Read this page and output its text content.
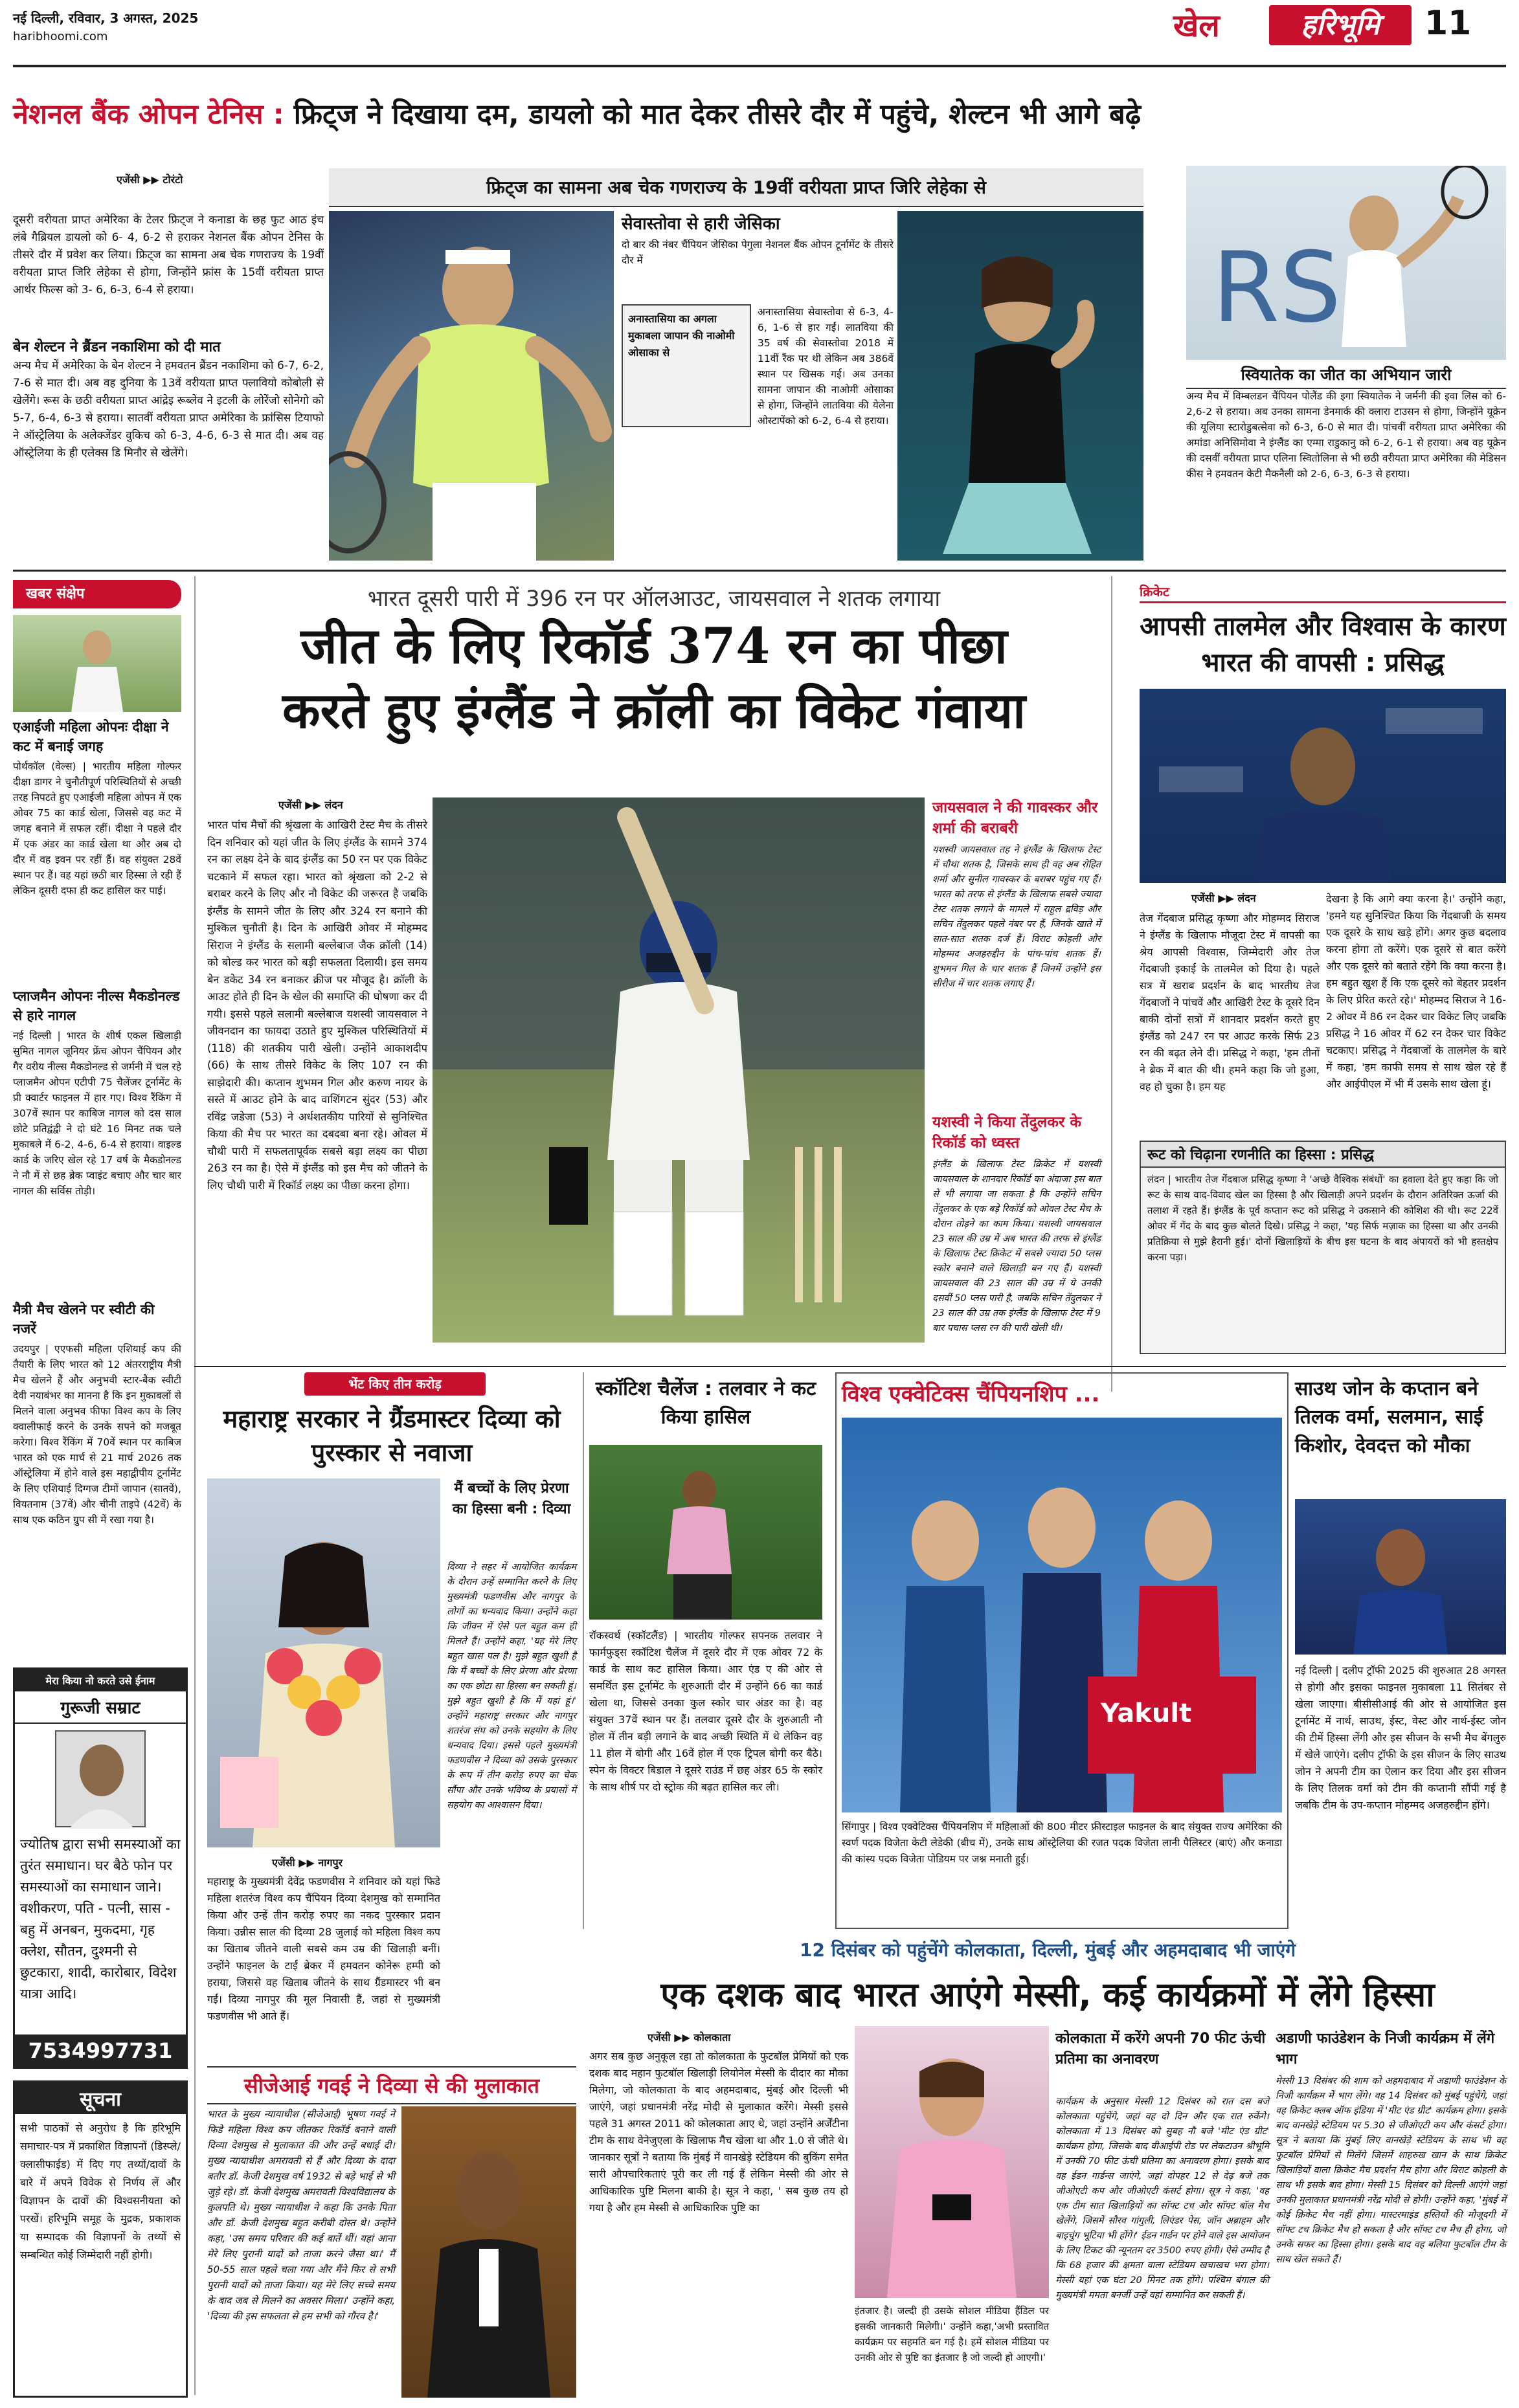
नई दिल्ली, रविवार, 3 अगस्त, 2025
haribhoomi.com	खेल	हरिभूमि	11
नेशनल बैंक ओपन टेनिस : फ्रिट्ज ने दिखाया दम, डायलो को मात देकर तीसरे दौर में पहुंचे, शेल्टन भी आगे बढ़े
एजेंसी ▶▶ टोरंटो

दूसरी वरीयता प्राप्त अमेरिका के टेलर फ्रिट्ज ने कनाडा के छह फुट आठ इंच लंबे गैब्रियल डायलो को 6- 4, 6-2 से हराकर नेशनल बैंक ओपन टेनिस के तीसरे दौर में प्रवेश कर लिया। फ्रिट्ज का सामना अब चेक गणराज्य के 19वीं वरीयता प्राप्त जिरि लेहेका से होगा, जिन्होंने फ्रांस के 15वीं वरीयता प्राप्त आर्थर फिल्स को 3- 6, 6-3, 6-4 से हराया।

बेन शेल्टन ने ब्रैंडन नकाशिमा को दी मात
अन्य मैच में अमेरिका के बेन शेल्टन ने हमवतन ब्रैंडन नकाशिमा को 6-7, 6-2, 7-6 से मात दी। अब वह दुनिया के 13वें वरीयता प्राप्त फ्लावियो कोबोली से खेलेंगे। रूस के छठी वरीयता प्राप्त आंद्रेइ रूब्लेव ने इटली के लोरेंजो सोनेगो को 5-7, 6-4, 6-3 से हराया। सातवीं वरीयता प्राप्त अमेरिका के फ्रांसिस टियाफो ने ऑस्ट्रेलिया के अलेक्जेंडर वुकिच को 6-3, 4-6, 6-3 से मात दी। अब वह ऑस्ट्रेलिया के ही एलेक्स डि मिनौर से खेलेंगे।
फ्रिट्ज का सामना अब चेक गणराज्य के 19वीं वरीयता प्राप्त जिरि लेहेका से
सेवास्तोवा से हारी जेसिका
दो बार की नंबर चैंपियन जेसिका पेगुला नेशनल बैंक ओपन टूर्नामेंट के तीसरे दौर में
अनास्तासिया का अगला मुकाबला जापान की नाओमी ओसाका से
अनास्तासिया सेवास्तोवा से 6-3, 4-6, 1-6 से हार गईं। लातविया की 35 वर्ष की सेवास्तोवा 2018 में 11वीं रैंक पर थी लेकिन अब 386वें स्थान पर खिसक गई। अब उनका सामना जापान की नाओमी ओसाका से होगा, जिन्होंने लातविया की येलेना ओस्टापेंको को 6-2, 6-4 से हराया।
RS
स्वियातेक का जीत का अभियान जारी
अन्य मैच में विम्बलडन चैंपियन पोलैंड की इगा स्वियातेक ने जर्मनी की इवा लिस को 6-2,6-2 से हराया। अब उनका सामना डेनमार्क की क्लारा टाउसन से होगा, जिन्होंने यूक्रेन की यूलिया स्टारोडुबत्सेवा को 6-3, 6-0 से मात दी। पांचवीं वरीयता प्राप्त अमेरिका की अमांडा अनिसिमोवा ने इंग्लैंड का एम्मा राडुकानु को 6-2, 6-1 से हराया। अब वह यूक्रेन की दसवीं वरीयता प्राप्त एलिना स्वितोलिना से भी छठी वरीयता प्राप्त अमेरिका की मेडिसन कीस ने हमवतन केटी मैकनैली को 2-6, 6-3, 6-3 से हराया।
खबर संक्षेप
एआईजी महिला ओपनः दीक्षा ने कट में बनाई जगह
पोर्थकॉल (वेल्स) | भारतीय महिला गोल्फर दीक्षा डागर ने चुनौतीपूर्ण परिस्थितियों से अच्छी तरह निपटते हुए एआईजी महिला ओपन में एक ओवर 75 का कार्ड खेला, जिससे वह कट में जगह बनाने में सफल रहीं। दीक्षा ने पहले दौर में एक अंडर का कार्ड खेला था और अब दो दौर में वह इवन पर रहीं हैं। वह संयुक्त 28वें स्थान पर हैं। वह यहां छठी बार हिस्सा ले रही हैं लेकिन दूसरी दफा ही कट हासिल कर पाई।
प्लाजमैन ओपनः नील्स मैकडोनल्ड से हारे नागल
नई दिल्ली | भारत के शीर्ष एकल खिलाड़ी सुमित नागल जूनियर फ्रेंच ओपन चैंपियन और गैर वरीय नील्स मैकडोनल्ड से जर्मनी में चल रहे प्लाजमैन ओपन एटीपी 75 चैलेंजर टूर्नामेंट के प्री क्वार्टर फाइनल में हार गए। विश्व रैंकिंग में 307वें स्थान पर काबिज नागल को दस साल छोटे प्रतिद्वंद्वी ने दो घंटे 16 मिनट तक चले मुकाबले में 6-2, 4-6, 6-4 से हराया। वाइल्ड कार्ड के जरिए खेल रहे 17 वर्ष के मैकडोनल्ड ने नौ में से छह ब्रेक प्वाइंट बचाए और चार बार नागल की सर्विस तोड़ी।
मैत्री मैच खेलने पर स्वीटी की नजरें
उदयपुर | एएफसी महिला एशियाई कप की तैयारी के लिए भारत को 12 अंतरराष्ट्रीय मैत्री मैच खेलने हैं और अनुभवी स्टार-बैक स्वीटी देवी नयाबंभर का मानना है कि इन मुकाबलों से मिलने वाला अनुभव फीफा विश्व कप के लिए क्वालीफाई करने के उनके सपने को मजबूत करेगा। विश्व रैंकिंग में 70वें स्थान पर काबिज भारत को एक मार्च से 21 मार्च 2026 तक ऑस्ट्रेलिया में होने वाले इस महाद्वीपीय टूर्नामेंट के लिए एशियाई दिग्गज टीमों जापान (सातवें), वियतनाम (37वें) और चीनी ताइपे (42वें) के साथ एक कठिन ग्रुप सी में रखा गया है।
मेरा किया नो करते उसे ईनाम
गुरूजी सम्राट
ज्योतिष द्वारा सभी समस्याओं का तुरंत समाधान। घर बैठे फोन पर समस्याओं का समाधान जाने। वशीकरण, पति - पत्नी, सास - बहु में अनबन, मुकदमा, गृह क्लेश, सौतन, दुश्मनी से छुटकारा, शादी, कारोबार, विदेश यात्रा आदि।
7534997731
सूचना
सभी पाठकों से अनुरोध है कि हरिभूमि समाचार-पत्र में प्रकाशित विज्ञापनों (डिस्प्ले/क्लासीफाईड) में दिए गए तथ्यों/दावों के बारे में अपने विवेक से निर्णय लें और विज्ञापन के दावों की विश्वसनीयता को परखें। हरिभूमि समूह के मुद्रक, प्रकाशक या सम्पादक की विज्ञापनों के तथ्यों से सम्बन्धित कोई जिम्मेदारी नहीं होगी।
भारत दूसरी पारी में 396 रन पर ऑलआउट, जायसवाल ने शतक लगाया
जीत के लिए रिकॉर्ड 374 रन का पीछा
करते हुए इंग्लैंड ने क्रॉली का विकेट गंवाया
एजेंसी ▶▶ लंदन
भारत पांच मैचों की श्रृंखला के आखिरी टेस्ट मैच के तीसरे दिन शनिवार को यहां जीत के लिए इंग्लैंड के सामने 374 रन का लक्ष्य देने के बाद इंग्लैंड का 50 रन पर एक विकेट चटकाने में सफल रहा। भारत को श्रृंखला को 2-2 से बराबर करने के लिए और नौ विकेट की जरूरत है जबकि इंग्लैंड के सामने जीत के लिए और 324 रन बनाने की मुश्किल चुनौती है। दिन के आखिरी ओवर में मोहम्मद सिराज ने इंग्लैंड के सलामी बल्लेबाज जैक क्रॉली (14) को बोल्ड कर भारत को बड़ी सफलता दिलायी। इस समय बेन डकेट 34 रन बनाकर क्रीज पर मौजूद है। क्रॉली के आउट होते ही दिन के खेल की समाप्ति की घोषणा कर दी गयी। इससे पहले सलामी बल्लेबाज यशस्वी जायसवाल ने जीवनदान का फायदा उठाते हुए मुश्किल परिस्थितियों में (118) की शतकीय पारी खेली। उन्होंने आकाशदीप (66) के साथ तीसरे विकेट के लिए 107 रन की साझेदारी की। कप्तान शुभमन गिल और करुण नायर के सस्ते में आउट होने के बाद वाशिंगटन सुंदर (53) और रविंद्र जडेजा (53) ने अर्धशतकीय पारियों से सुनिश्चित किया की मैच पर भारत का दबदबा बना रहे। ओवल में चौथी पारी में सफलतापूर्वक सबसे बड़ा लक्ष्य का पीछा 263 रन का है। ऐसे में इंग्लैंड को इस मैच को जीतने के लिए चौथी पारी में रिकॉर्ड लक्ष्य का पीछा करना होगा।
जायसवाल ने की गावस्कर और शर्मा की बराबरी
यशस्वी जायसवाल तह ने इंग्लैंड के खिलाफ टेस्ट में चौथा शतक है, जिसके साथ ही वह अब रोहित शर्मा और सुनील गावस्कर के बराबर पहुंच गए हैं। भारत को तरफ से इंग्लैंड के खिलाफ सबसे ज्यादा टेस्ट शतक लगाने के मामले में राहुल द्रविड़ और सचिन तेंदुलकर पहले नंबर पर हैं, जिनके खाते में सात-सात शतक दर्ज हैं। विराट कोहली और मोहम्मद अजहरुद्दीन के पांच-पांच शतक हैं। शुभमन गिल के चार शतक हैं जिनमें उन्होंने इस सीरीज में चार शतक लगाए हैं।
यशस्वी ने किया तेंदुलकर के रिकॉर्ड को ध्वस्त
इंग्लैंड के खिलाफ टेस्ट क्रिकेट में यशस्वी जायसवाल के शानदार रिकॉर्ड का अंदाजा इस बात से भी लगाया जा सकता है कि उन्होंने सचिन तेंदुलकर के एक बड़े रिकॉर्ड को ओवल टेस्ट मैच के दौरान तोड़ने का काम किया। यशस्वी जायसवाल 23 साल की उम्र में अब भारत की तरफ से इंग्लैंड के खिलाफ टेस्ट क्रिकेट में सबसे ज्यादा 50 प्लस स्कोर बनाने वाले खिलाड़ी बन गए हैं। यशस्वी जायसवाल की 23 साल की उम्र में ये उनकी दसवीं 50 प्लस पारी है, जबकि सचिन तेंदुलकर ने 23 साल की उम्र तक इंग्लैंड के खिलाफ टेस्ट में 9 बार पचास प्लस रन की पारी खेली थी।
क्रिकेट
आपसी तालमेल और विश्वास के कारण भारत की वापसी : प्रसिद्ध
एजेंसी ▶▶ लंदन
तेज गेंदबाज प्रसिद्ध कृष्णा और मोहम्मद सिराज ने इंग्लैंड के खिलाफ मौजूदा टेस्ट में वापसी का श्रेय आपसी विश्वास, जिम्मेदारी और तेज गेंदबाजी इकाई के तालमेल को दिया है। पहले सत्र में खराब प्रदर्शन के बाद भारतीय तेज गेंदबाजों ने पांचवें और आखिरी टेस्ट के दूसरे दिन बाकी दोनों सत्रों में शानदार प्रदर्शन करते हुए इंग्लैंड को 247 रन पर आउट करके सिर्फ 23 रन की बढ़त लेने दी। प्रसिद्ध ने कहा, 'हम तीनों ने ब्रेक में बात की थी। हमने कहा कि जो हुआ, वह हो चुका है। हम यह
देखना है कि आगे क्या करना है।' उन्होंने कहा, 'हमने यह सुनिश्चित किया कि गेंदबाजी के समय एक दूसरे के साथ खड़े होंगे। अगर कुछ बदलाव करना होगा तो करेंगे। एक दूसरे से बात करेंगे और एक दूसरे को बताते रहेंगे कि क्या करना है। हम बहुत खुश हैं कि एक दूसरे को बेहतर प्रदर्शन के लिए प्रेरित करते रहे।' मोहम्मद सिराज ने 16-2 ओवर में 86 रन देकर चार विकेट लिए जबकि प्रसिद्ध ने 16 ओवर में 62 रन देकर चार विकेट चटकाए। प्रसिद्ध ने गेंदबाजों के तालमेल के बारे में कहा, 'हम काफी समय से साथ खेल रहे हैं और आईपीएल में भी मैं उसके साथ खेला हूं।
रूट को चिढ़ाना रणनीति का हिस्सा : प्रसिद्ध
लंदन | भारतीय तेज गेंदबाज प्रसिद्ध कृष्णा ने 'अच्छे वैश्विक संबंधों' का हवाला देते हुए कहा कि जो रूट के साथ वाद-विवाद खेल का हिस्सा है और खिलाड़ी अपने प्रदर्शन के दौरान अतिरिक्त ऊर्जा की तलाश में रहते हैं। इंग्लैंड के पूर्व कप्तान रूट को प्रसिद्ध ने उकसाने की कोशिश की थी। रूट 22वें ओवर में गेंद के बाद कुछ बोलते दिखे। प्रसिद्ध ने कहा, 'यह सिर्फ मज़ाक का हिस्सा था और उनकी प्रतिक्रिया से मुझे हैरानी हुई।' दोनों खिलाड़ियों के बीच इस घटना के बाद अंपायरों को भी हस्तक्षेप करना पड़ा।
भेंट किए तीन करोड़
महाराष्ट्र सरकार ने ग्रैंडमास्टर दिव्या को पुरस्कार से नवाजा
मैं बच्चों के लिए प्रेरणा का हिस्सा बनी : दिव्या
दिव्या ने सहर में आयोजित कार्यक्रम के दौरान उन्हें सम्मानित करने के लिए मुख्यमंत्री फडणवीस और नागपुर के लोगों का धन्यवाद किया। उन्होंने कहा कि जीवन में ऐसे पल बहुत कम ही मिलते हैं। उन्होंने कहा, 'यह मेरे लिए बहुत खास पल है। मुझे बहुत खुशी है कि मैं बच्चों के लिए प्रेरणा और प्रेरणा का एक छोटा सा हिस्सा बन सकती हूं। मुझे बहुत खुशी है कि मैं यहां हूं।' उन्होंने महाराष्ट्र सरकार और नागपुर शतरंज संघ को उनके सहयोग के लिए धन्यवाद दिया। इससे पहले मुख्यमंत्री फडणवीस ने दिव्या को उसके पुरस्कार के रूप में तीन करोड़ रुपए का चेक सौंपा और उनके भविष्य के प्रयासों में सहयोग का आश्वासन दिया।
एजेंसी ▶▶ नागपुर
महाराष्ट्र के मुख्यमंत्री देवेंद्र फडणवीस ने शनिवार को यहां फिडे महिला शतरंज विश्व कप चैंपियन दिव्या देशमुख को सम्मानित किया और उन्हें तीन करोड़ रुपए का नकद पुरस्कार प्रदान किया। उन्नीस साल की दिव्या 28 जुलाई को महिला विश्व कप का खिताब जीतने वाली सबसे कम उम्र की खिलाड़ी बनीं। उन्होंने फाइनल के टाई ब्रेकर में हमवतन कोनेरू हम्पी को हराया, जिससे वह खिताब जीतने के साथ ग्रैंडमास्टर भी बन गईं। दिव्या नागपुर की मूल निवासी हैं, जहां से मुख्यमंत्री फडणवीस भी आते हैं।
सीजेआई गवई ने दिव्या से की मुलाकात
भारत के मुख्य न्यायाधीश (सीजेआई) भूषण गवई ने फिडे महिला विश्व कप जीतकर रिकॉर्ड बनाने वाली दिव्या देशमुख से मुलाकात की और उन्हें बधाई दी। मुख्य न्यायाधीश अमरावती से हैं और दिव्या के दादा बतौर डॉ. केजी देशमुख वर्ष 1932 से बड़े भाई से भी जुड़े रहे। डॉ. केजी देशमुख अमरावती विश्वविद्यालय के कुलपति थे। मुख्य न्यायाधीश ने कहा कि उनके पिता और डॉ. केजी देशमुख बहुत करीबी दोस्त थे। उन्होंने कहा, 'उस समय परिवार की कई बातें थीं। यहां आना मेरे लिए पुरानी यादों को ताजा करने जैसा था।' मैं 50-55 साल पहले चला गया और मैंने फिर से सभी पुरानी यादों को ताजा किया। यह मेरे लिए सच्चे समय के बाद जब से मिलने का अवसर मिला।' उन्होंने कहा, 'दिव्या की इस सफलता से हम सभी को गौरव है।'
स्कॉटिश चैलेंज : तलवार ने कट किया हासिल
रॉकस्वर्थ (स्कॉटलैंड) | भारतीय गोल्फर सपनक तलवार ने फार्मफुड्स स्कॉटिश चैलेंज में दूसरे दौर में एक ओवर 72 के कार्ड के साथ कट हासिल किया। आर एंड ए की ओर से समर्थित इस टूर्नामेंट के शुरुआती दौर में उन्होंने 66 का कार्ड खेला था, जिससे उनका कुल स्कोर चार अंडर का है। वह संयुक्त 37वें स्थान पर हैं। तलवार दूसरे दौर के शुरुआती नौ होल में तीन बड़ी लगाने के बाद अच्छी स्थिति में थे लेकिन वह 11 होल में बोगी और 16वें होल में एक ट्रिपल बोगी कर बैठे। स्पेन के विक्टर बिडाल ने दूसरे राउंड में छह अंडर 65 के स्कोर के साथ शीर्ष पर दो स्ट्रोक की बढ़त हासिल कर ली।
विश्व एक्वेटिक्स चैंपियनशिप ...
Yakult
सिंगापुर | विश्व एक्वेटिक्स चैंपियनशिप में महिलाओं की 800 मीटर फ्रीस्टाइल फाइनल के बाद संयुक्त राज्य अमेरिका की स्वर्ण पदक विजेता केटी लेडेकी (बीच में), उनके साथ ऑस्ट्रेलिया की रजत पदक विजेता लानी पैलिस्टर (बाएं) और कनाडा की कांस्य पदक विजेता पोडियम पर जश्न मनाती हुईं।
साउथ जोन के कप्तान बने तिलक वर्मा, सलमान, साई किशोर, देवदत्त को मौका
नई दिल्ली | दलीप ट्रॉफी 2025 की शुरुआत 28 अगस्त से होगी और इसका फाइनल मुकाबला 11 सितंबर से खेला जाएगा। बीसीसीआई की ओर से आयोजित इस टूर्नामेंट में नार्थ, साउथ, ईस्ट, वेस्ट और नार्थ-ईस्ट जोन की टीमें हिस्सा लेंगी और इस सीजन के सभी मैच बेंगलुरु में खेले जाएंगे। दलीप ट्रॉफी के इस सीजन के लिए साउथ जोन ने अपनी टीम का ऐलान कर दिया और इस सीजन के लिए तिलक वर्मा को टीम की कप्तानी सौंपी गई है जबकि टीम के उप-कप्तान मोहम्मद अजहरुद्दीन होंगे।
12 दिसंबर को पहुंचेंगे कोलकाता, दिल्ली, मुंबई और अहमदाबाद भी जाएंगे
एक दशक बाद भारत आएंगे मेस्सी, कई कार्यक्रमों में लेंगे हिस्सा
एजेंसी ▶▶ कोलकाता
अगर सब कुछ अनुकूल रहा तो कोलकाता के फुटबॉल प्रेमियों को एक दशक बाद महान फुटबॉल खिलाड़ी लियोनेल मेस्सी के दीदार का मौका मिलेगा, जो कोलकाता के बाद अहमदाबाद, मुंबई और दिल्ली भी जाएंगे, जहां प्रधानमंत्री नरेंद्र मोदी से मुलाकात करेंगे। मेस्सी इससे पहले 31 अगस्त 2011 को कोलकाता आए थे, जहां उन्होंने अर्जेंटीना टीम के साथ वेनेजुएला के खिलाफ मैच खेला था और 1.0 से जीते थे। जानकार सूत्रों ने बताया कि मुंबई में वानखेड़े स्टेडियम की बुकिंग समेत सारी औपचारिकताएं पूरी कर ली गई हैं लेकिन मेस्सी की ओर से आधिकारिक पुष्टि मिलना बाकी है। सूत्र ने कहा, ' सब कुछ तय हो गया है और हम मेस्सी से आधिकारिक पुष्टि का
इंतजार है। जल्दी ही उसके सोशल मीडिया हैंडिल पर इसकी जानकारी मिलेगी।' उन्होंने कहा,'अभी प्रस्तावित कार्यक्रम पर सहमति बन गई है। हमें सोशल मीडिया पर उनकी ओर से पुष्टि का इंतजार है जो जल्दी हो आएगी।'
कोलकाता में करेंगे अपनी 70 फीट ऊंची प्रतिमा का अनावरण
कार्यक्रम के अनुसार मेस्सी 12 दिसंबर को रात दस बजे कोलकाता पहुंचेंगे, जहां वह दो दिन और एक रात रुकेंगे। कोलकाता में 13 दिसंबर को सुबह नौ बजे 'मीट एंड ग्रीट' कार्यक्रम होगा, जिसके बाद वीआईपी रोड पर लेकटाउन श्रीभूमि में उनकी 70 फीट ऊंची प्रतिमा का अनावरण होगा। इसके बाद वह ईडन गार्डन्स जाएंगे, जहां दोपहर 12 से देढ़ बजे तक जीओएटी कप और जीओएटी कंसर्ट होगा। सूत्र ने कहा, 'वह एक टीम सात खिलाड़ियों का सॉफ्ट टच और सॉफ्ट बॉल मैच खेलेंगे, जिसमें सौरव गांगुली, लिएंडर पेस, जॉन अब्राहम और बाइचुंग भूटिया भी होंगे।' ईडन गार्डन पर होने वाले इस आयोजन के लिए टिकट की न्यूनतम दर 3500 रुपए होगी। ऐसे उम्मीद है कि 68 हजार की क्षमता वाला स्टेडियम खचाखच भरा होगा। मेस्सी यहां एक घंटा 20 मिनट तक होंगे। पश्चिम बंगाल की मुख्यमंत्री ममता बनर्जी उन्हें वहां सम्मानित कर सकती हैं।
अडाणी फाउंडेशन के निजी कार्यक्रम में लेंगे भाग
मेस्सी 13 दिसंबर की शाम को अहमदाबाद में अडाणी फाउंडेशन के निजी कार्यक्रम में भाग लेंगे। वह 14 दिसंबर को मुंबई पहुंचेंगे, जहां वह क्रिकेट क्लब ऑफ इंडिया में 'मीट एंड ग्रीट' कार्यक्रम होगा। इसके बाद वानखेड़े स्टेडियम पर 5.30 से जीओएटी कप और कंसर्ट होगा। सूत्र ने बताया कि मुंबई लिए वानखेड़े स्टेडियम के साथ भी वह फुटबॉल प्रेमियों से मिलेंगे जिसमें शाहरुख खान के साथ क्रिकेट खिलाड़ियों वाला क्रिकेट मैच प्रदर्शन मैच होगा और विराट कोहली के साथ भी इसके बाद होगा। मेस्सी 15 दिसंबर को दिल्ली आएंगे जहां उनकी मुलाकात प्रधानमंत्री नरेंद्र मोदी से होगी। उन्होंने कहा, 'मुंबई में कोई क्रिकेट मैच नहीं होगा। मास्टरमाइंड हस्तियों की मौजूदगी में सॉफ्ट टच क्रिकेट मैच हो सकता है और सॉफ्ट टच मैच ही होगा, जो उनके सफर का हिस्सा होगा। इसके बाद वह बलिया फुटबॉल टीम के साथ खेल सकते हैं।
